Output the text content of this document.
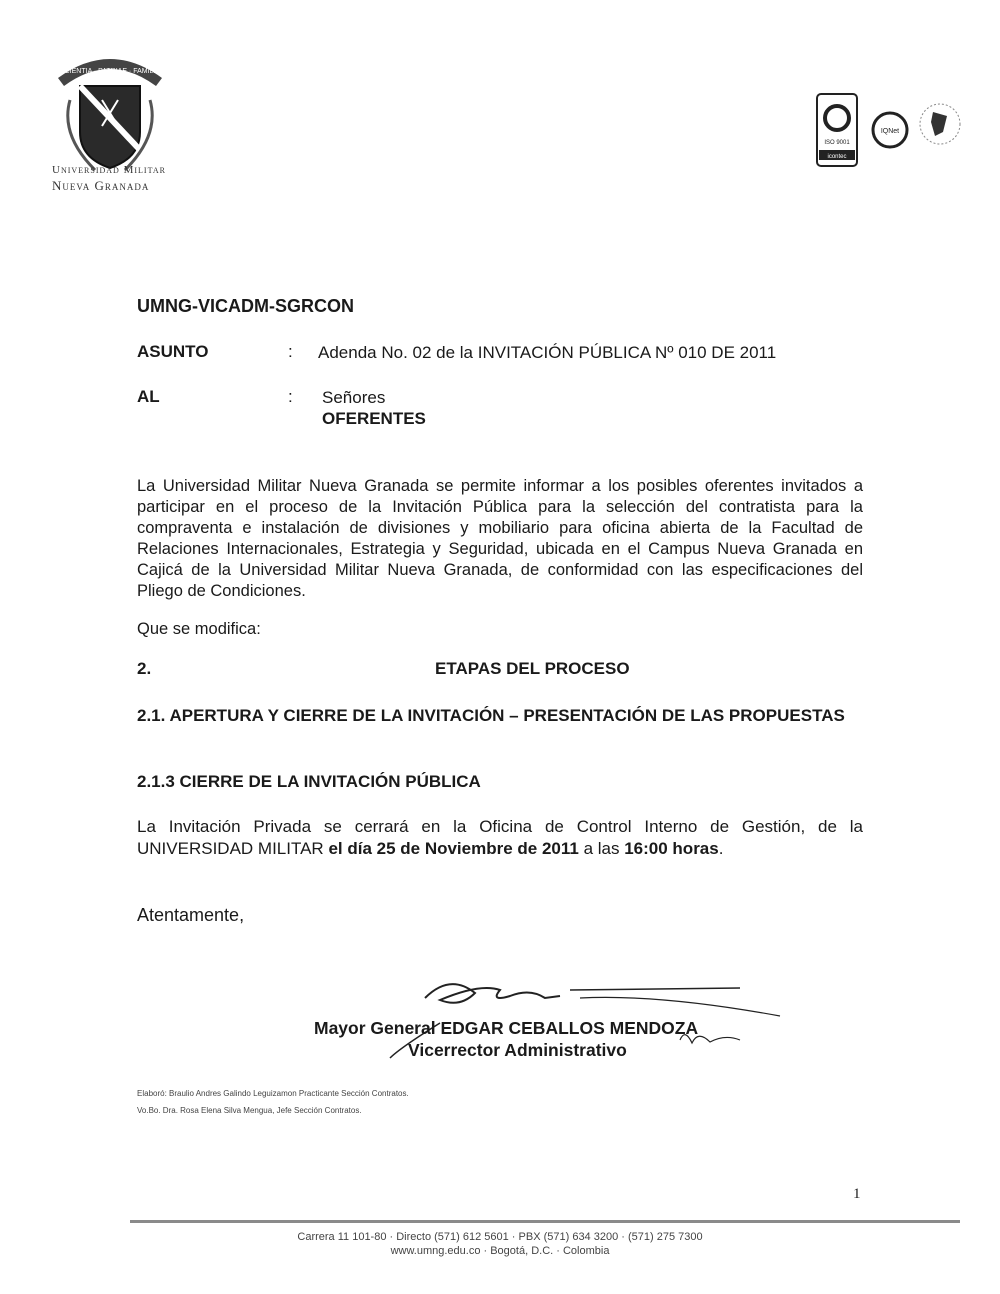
SCIENTIA · PATRIAE · FAMILIA
Universidad Militar
Nueva Granada
ISO 9001
icontec
IQNet
UMNG-VICADM-SGRCON
ASUNTO	: Adenda No. 02 de la INVITACIÓN PÚBLICA Nº 010 DE 2011
AL	: Señores
OFERENTES
La Universidad Militar Nueva Granada se permite informar a los posibles oferentes invitados a participar en el proceso de la Invitación Pública para la selección del contratista para la compraventa e instalación de divisiones y mobiliario para oficina abierta de la Facultad de Relaciones Internacionales, Estrategia y Seguridad, ubicada en el Campus Nueva Granada en Cajicá de la Universidad Militar Nueva Granada, de conformidad con las especificaciones del Pliego de Condiciones.
Que se modifica:
2.	ETAPAS DEL PROCESO
2.1. APERTURA Y CIERRE DE LA INVITACIÓN – PRESENTACIÓN DE LAS PROPUESTAS
2.1.3 CIERRE DE LA INVITACIÓN PÚBLICA
La Invitación Privada se cerrará en la Oficina de Control Interno de Gestión, de la UNIVERSIDAD MILITAR el día 25 de Noviembre de 2011 a las 16:00 horas.
Atentamente,
Mayor General EDGAR CEBALLOS MENDOZA
Vicerrector Administrativo
Elaboró: Braulio Andres Galindo Leguizamon Practicante Sección Contratos.
Vo.Bo. Dra. Rosa Elena Silva Mengua, Jefe Sección Contratos.
1
Carrera 11 101-80 · Directo (571) 612 5601 · PBX (571) 634 3200 · (571) 275 7300
www.umng.edu.co · Bogotá, D.C. · Colombia
